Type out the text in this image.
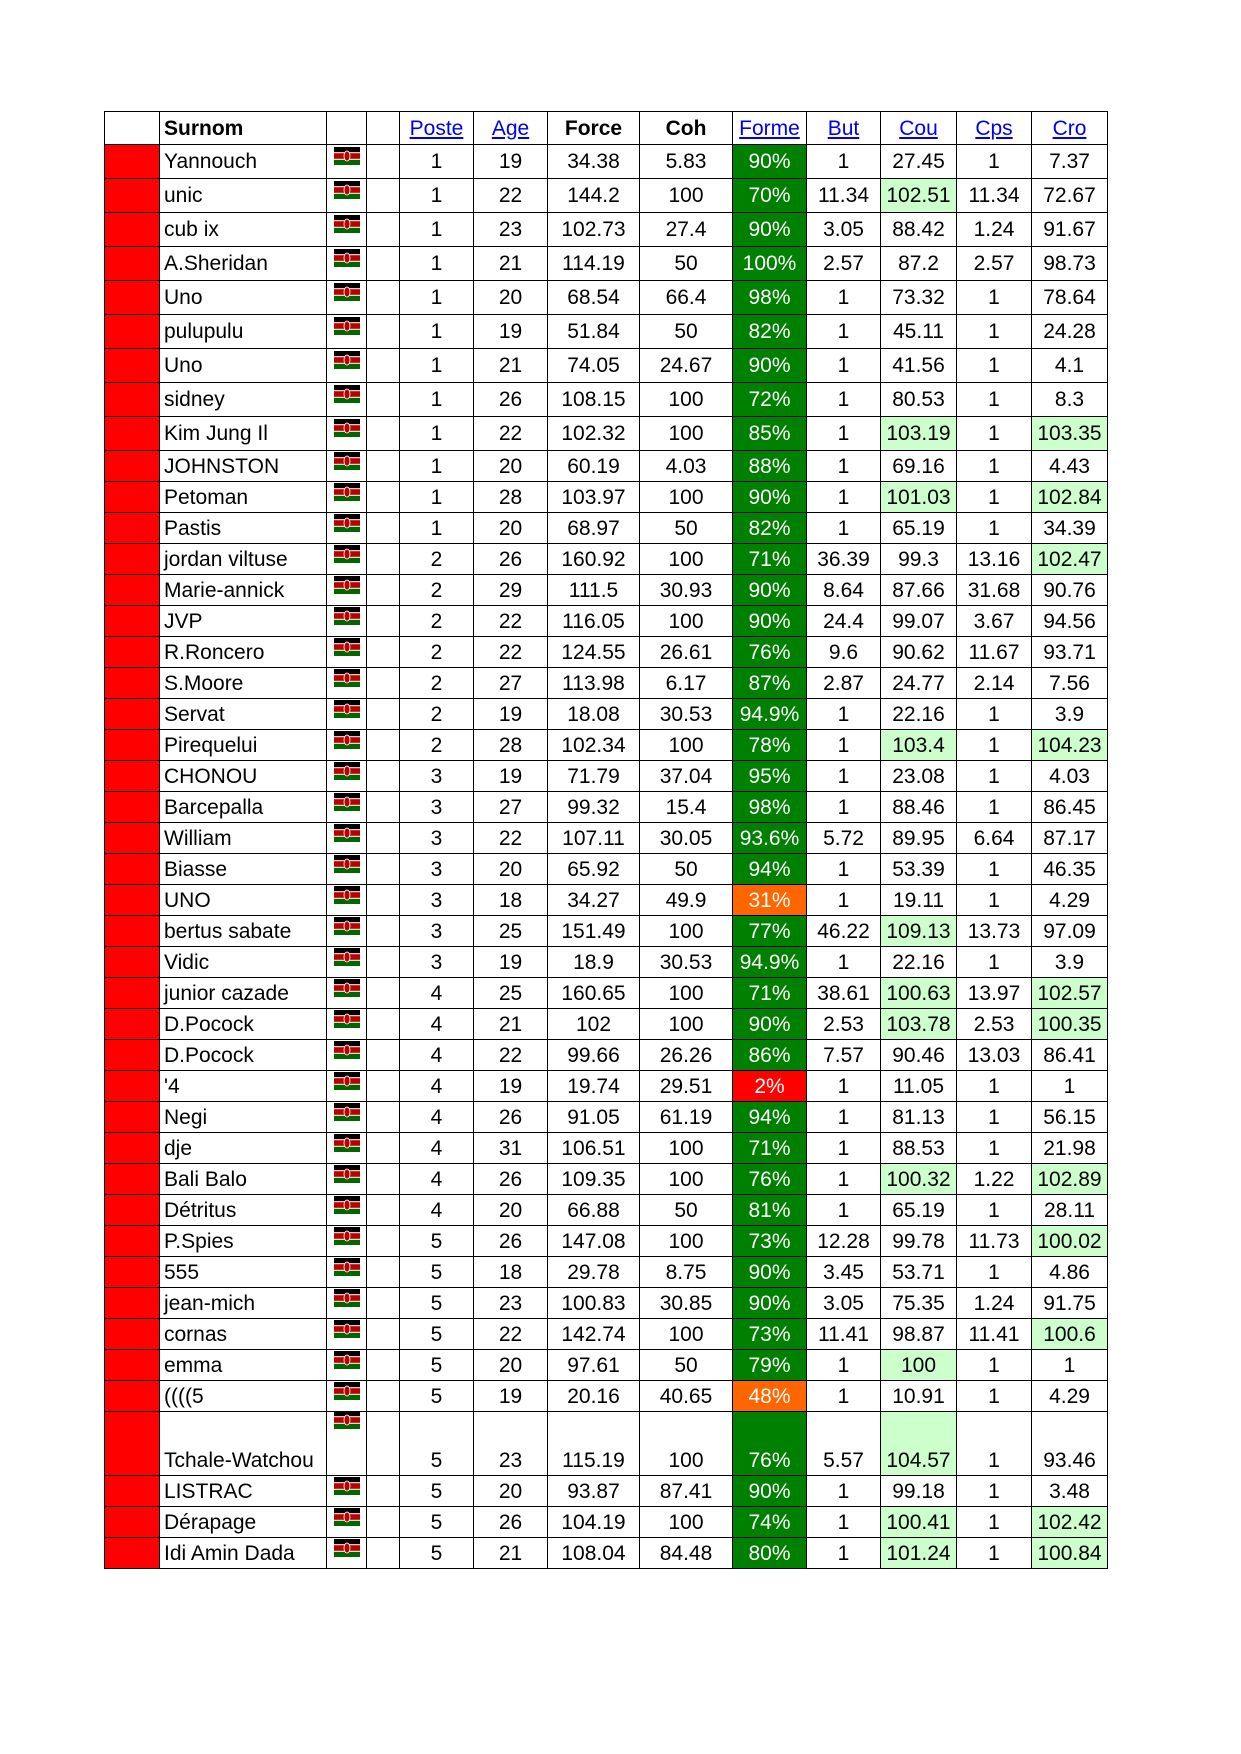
	Surnom			Poste	Age	Force	Coh	Forme	But	Cou	Cps	Cro
	Yannouch			1	19	34.38	5.83	90%	1	27.45	1	7.37
	unic			1	22	144.2	100	70%	11.34	102.51	11.34	72.67
	cub ix			1	23	102.73	27.4	90%	3.05	88.42	1.24	91.67
	A.Sheridan			1	21	114.19	50	100%	2.57	87.2	2.57	98.73
	Uno			1	20	68.54	66.4	98%	1	73.32	1	78.64
	pulupulu			1	19	51.84	50	82%	1	45.11	1	24.28
	Uno			1	21	74.05	24.67	90%	1	41.56	1	4.1
	sidney			1	26	108.15	100	72%	1	80.53	1	8.3
	Kim Jung Il			1	22	102.32	100	85%	1	103.19	1	103.35
	JOHNSTON			1	20	60.19	4.03	88%	1	69.16	1	4.43
	Petoman			1	28	103.97	100	90%	1	101.03	1	102.84
	Pastis			1	20	68.97	50	82%	1	65.19	1	34.39
	jordan viltuse			2	26	160.92	100	71%	36.39	99.3	13.16	102.47
	Marie-annick			2	29	111.5	30.93	90%	8.64	87.66	31.68	90.76
	JVP			2	22	116.05	100	90%	24.4	99.07	3.67	94.56
	R.Roncero			2	22	124.55	26.61	76%	9.6	90.62	11.67	93.71
	S.Moore			2	27	113.98	6.17	87%	2.87	24.77	2.14	7.56
	Servat			2	19	18.08	30.53	94.9%	1	22.16	1	3.9
	Pirequelui			2	28	102.34	100	78%	1	103.4	1	104.23
	CHONOU			3	19	71.79	37.04	95%	1	23.08	1	4.03
	Barcepalla			3	27	99.32	15.4	98%	1	88.46	1	86.45
	William			3	22	107.11	30.05	93.6%	5.72	89.95	6.64	87.17
	Biasse			3	20	65.92	50	94%	1	53.39	1	46.35
	UNO			3	18	34.27	49.9	31%	1	19.11	1	4.29
	bertus sabate			3	25	151.49	100	77%	46.22	109.13	13.73	97.09
	Vidic			3	19	18.9	30.53	94.9%	1	22.16	1	3.9
	junior cazade			4	25	160.65	100	71%	38.61	100.63	13.97	102.57
	D.Pocock			4	21	102	100	90%	2.53	103.78	2.53	100.35
	D.Pocock			4	22	99.66	26.26	86%	7.57	90.46	13.03	86.41
	'4			4	19	19.74	29.51	2%	1	11.05	1	1
	Negi			4	26	91.05	61.19	94%	1	81.13	1	56.15
	dje			4	31	106.51	100	71%	1	88.53	1	21.98
	Bali Balo			4	26	109.35	100	76%	1	100.32	1.22	102.89
	Détritus			4	20	66.88	50	81%	1	65.19	1	28.11
	P.Spies			5	26	147.08	100	73%	12.28	99.78	11.73	100.02
	555			5	18	29.78	8.75	90%	3.45	53.71	1	4.86
	jean-mich			5	23	100.83	30.85	90%	3.05	75.35	1.24	91.75
	cornas			5	22	142.74	100	73%	11.41	98.87	11.41	100.6
	emma			5	20	97.61	50	79%	1	100	1	1
	((((5			5	19	20.16	40.65	48%	1	10.91	1	4.29
	Tchale-Watchou			5	23	115.19	100	76%	5.57	104.57	1	93.46
	LISTRAC			5	20	93.87	87.41	90%	1	99.18	1	3.48
	Dérapage			5	26	104.19	100	74%	1	100.41	1	102.42
	Idi Amin Dada			5	21	108.04	84.48	80%	1	101.24	1	100.84
